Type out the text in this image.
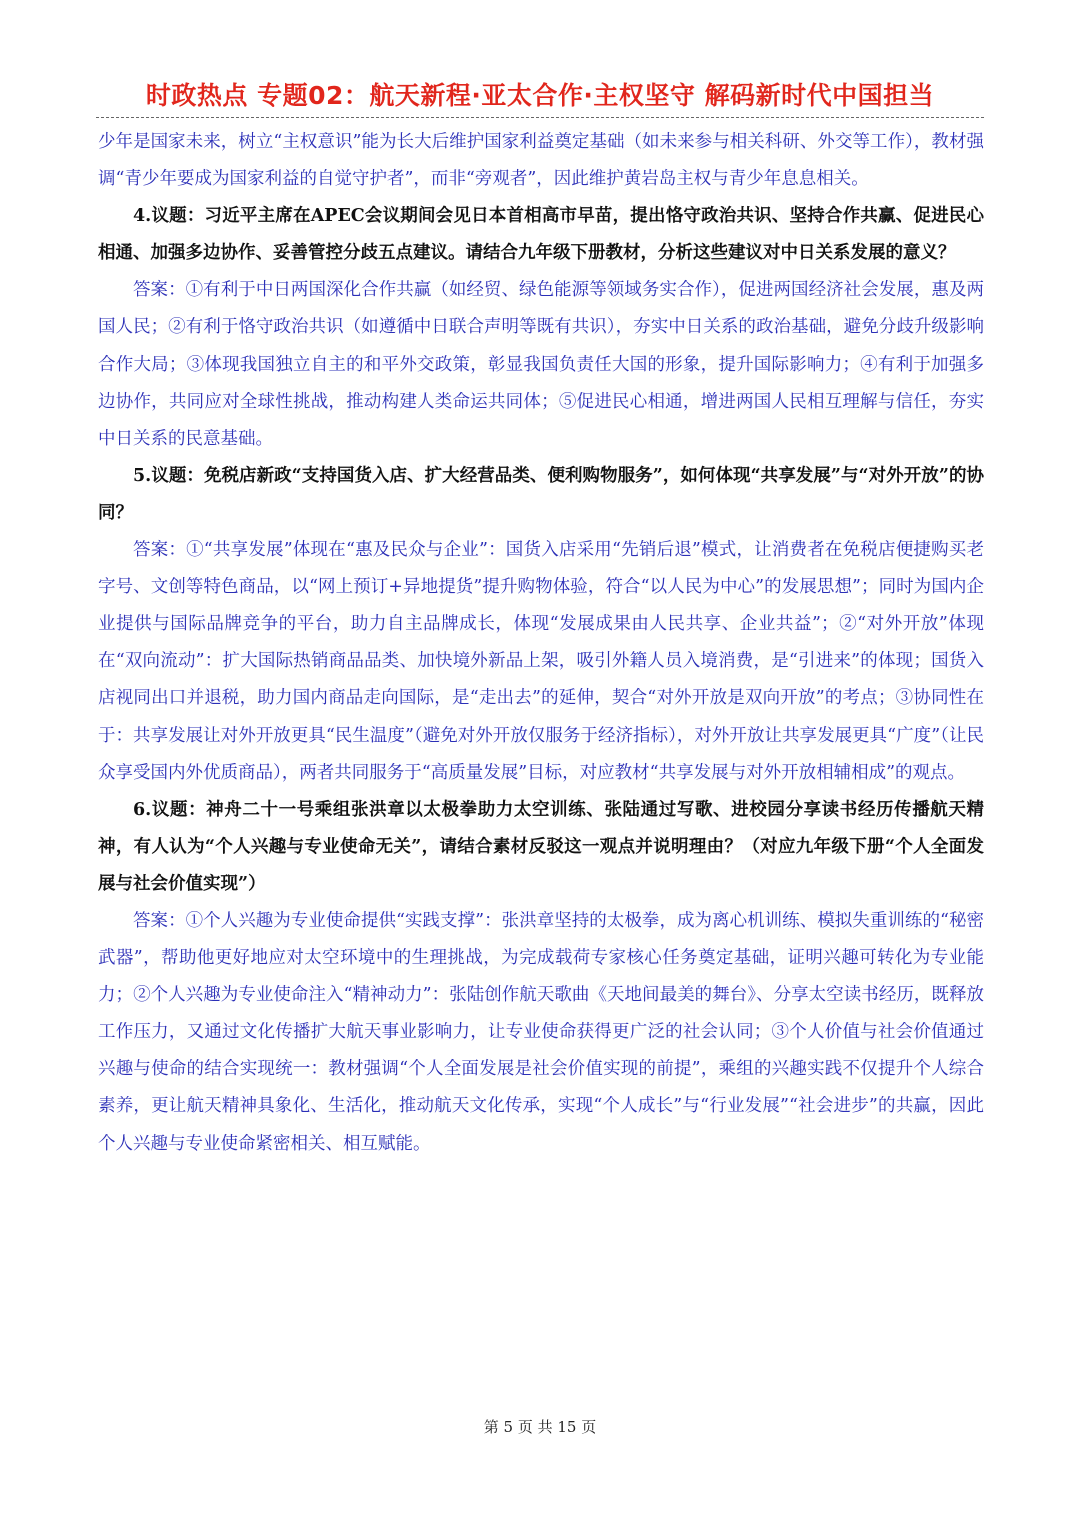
时政热点 专题02：航天新程·亚太合作·主权坚守 解码新时代中国担当

少年是国家未来，树立“主权意识”能为长大后维护国家利益奠定基础（如未来参与相关科研、外交等工作），教材强调“青少年要成为国家利益的自觉守护者”，而非“旁观者”，因此维护黄岩岛主权与青少年息息相关。

4.议题：习近平主席在APEC会议期间会见日本首相高市早苗，提出恪守政治共识、坚持合作共赢、促进民心相通、加强多边协作、妥善管控分歧五点建议。请结合九年级下册教材，分析这些建议对中日关系发展的意义？

答案：①有利于中日两国深化合作共赢（如经贸、绿色能源等领域务实合作），促进两国经济社会发展，惠及两国人民；②有利于恪守政治共识（如遵循中日联合声明等既有共识），夯实中日关系的政治基础，避免分歧升级影响合作大局；③体现我国独立自主的和平外交政策，彰显我国负责任大国的形象，提升国际影响力；④有利于加强多边协作，共同应对全球性挑战，推动构建人类命运共同体；⑤促进民心相通，增进两国人民相互理解与信任，夯实中日关系的民意基础。

5.议题：免税店新政“支持国货入店、扩大经营品类、便利购物服务”，如何体现“共享发展”与“对外开放”的协同？

答案：①“共享发展”体现在“惠及民众与企业”：国货入店采用“先销后退”模式，让消费者在免税店便捷购买老字号、文创等特色商品，以“网上预订+异地提货”提升购物体验，符合“以人民为中心”的发展思想”；同时为国内企业提供与国际品牌竞争的平台，助力自主品牌成长，体现“发展成果由人民共享、企业共益”；②“对外开放”体现在“双向流动”：扩大国际热销商品品类、加快境外新品上架，吸引外籍人员入境消费，是“引进来”的体现；国货入店视同出口并退税，助力国内商品走向国际，是“走出去”的延伸，契合“对外开放是双向开放”的考点；③协同性在于：共享发展让对外开放更具“民生温度”（避免对外开放仅服务于经济指标），对外开放让共享发展更具“广度”（让民众享受国内外优质商品），两者共同服务于“高质量发展”目标，对应教材“共享发展与对外开放相辅相成”的观点。

6.议题：神舟二十一号乘组张洪章以太极拳助力太空训练、张陆通过写歌、进校园分享读书经历传播航天精神，有人认为“个人兴趣与专业使命无关”，请结合素材反驳这一观点并说明理由？（对应九年级下册“个人全面发展与社会价值实现”）

答案：①个人兴趣为专业使命提供“实践支撑”：张洪章坚持的太极拳，成为离心机训练、模拟失重训练的“秘密武器”，帮助他更好地应对太空环境中的生理挑战，为完成载荷专家核心任务奠定基础，证明兴趣可转化为专业能力；②个人兴趣为专业使命注入“精神动力”：张陆创作航天歌曲《天地间最美的舞台》、分享太空读书经历，既释放工作压力，又通过文化传播扩大航天事业影响力，让专业使命获得更广泛的社会认同；③个人价值与社会价值通过兴趣与使命的结合实现统一：教材强调“个人全面发展是社会价值实现的前提”，乘组的兴趣实践不仅提升个人综合素养，更让航天精神具象化、生活化，推动航天文化传承，实现“个人成长”与“行业发展”“社会进步”的共赢，因此个人兴趣与专业使命紧密相关、相互赋能。

第 5 页 共 15 页
